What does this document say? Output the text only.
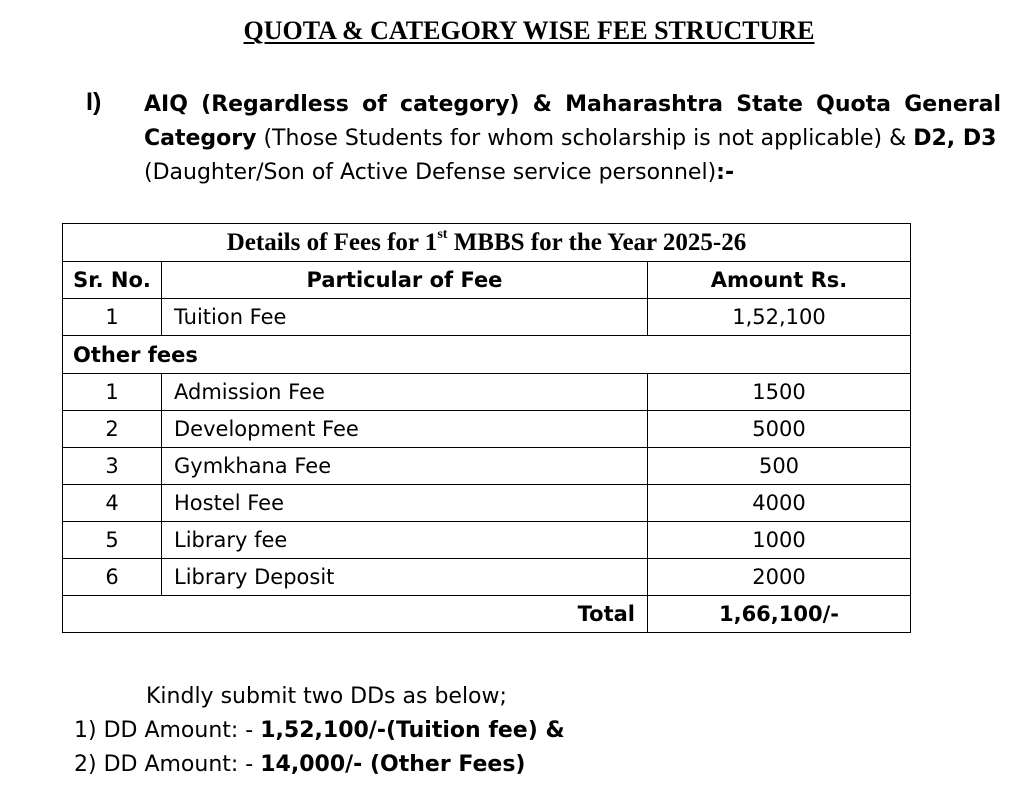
QUOTA & CATEGORY WISE FEE STRUCTURE
I) AIQ (Regardless of category) & Maharashtra State Quota General
Category (Those Students for whom scholarship is not applicable) & D2, D3
(Daughter/Son of Active Defense service personnel):-
Details of Fees for 1st MBBS for the Year 2025-26		
Sr. No.	Particular of Fee	Amount Rs.
1	Tuition Fee	1,52,100
Other fees		
1	Admission Fee	1500
2	Development Fee	5000
3	Gymkhana Fee	500
4	Hostel Fee	4000
5	Library fee	1000
6	Library Deposit	2000
	Total	1,66,100/-
Kindly submit two DDs as below;
1) DD Amount: - 1,52,100/-(Tuition fee) &
2) DD Amount: - 14,000/- (Other Fees)
